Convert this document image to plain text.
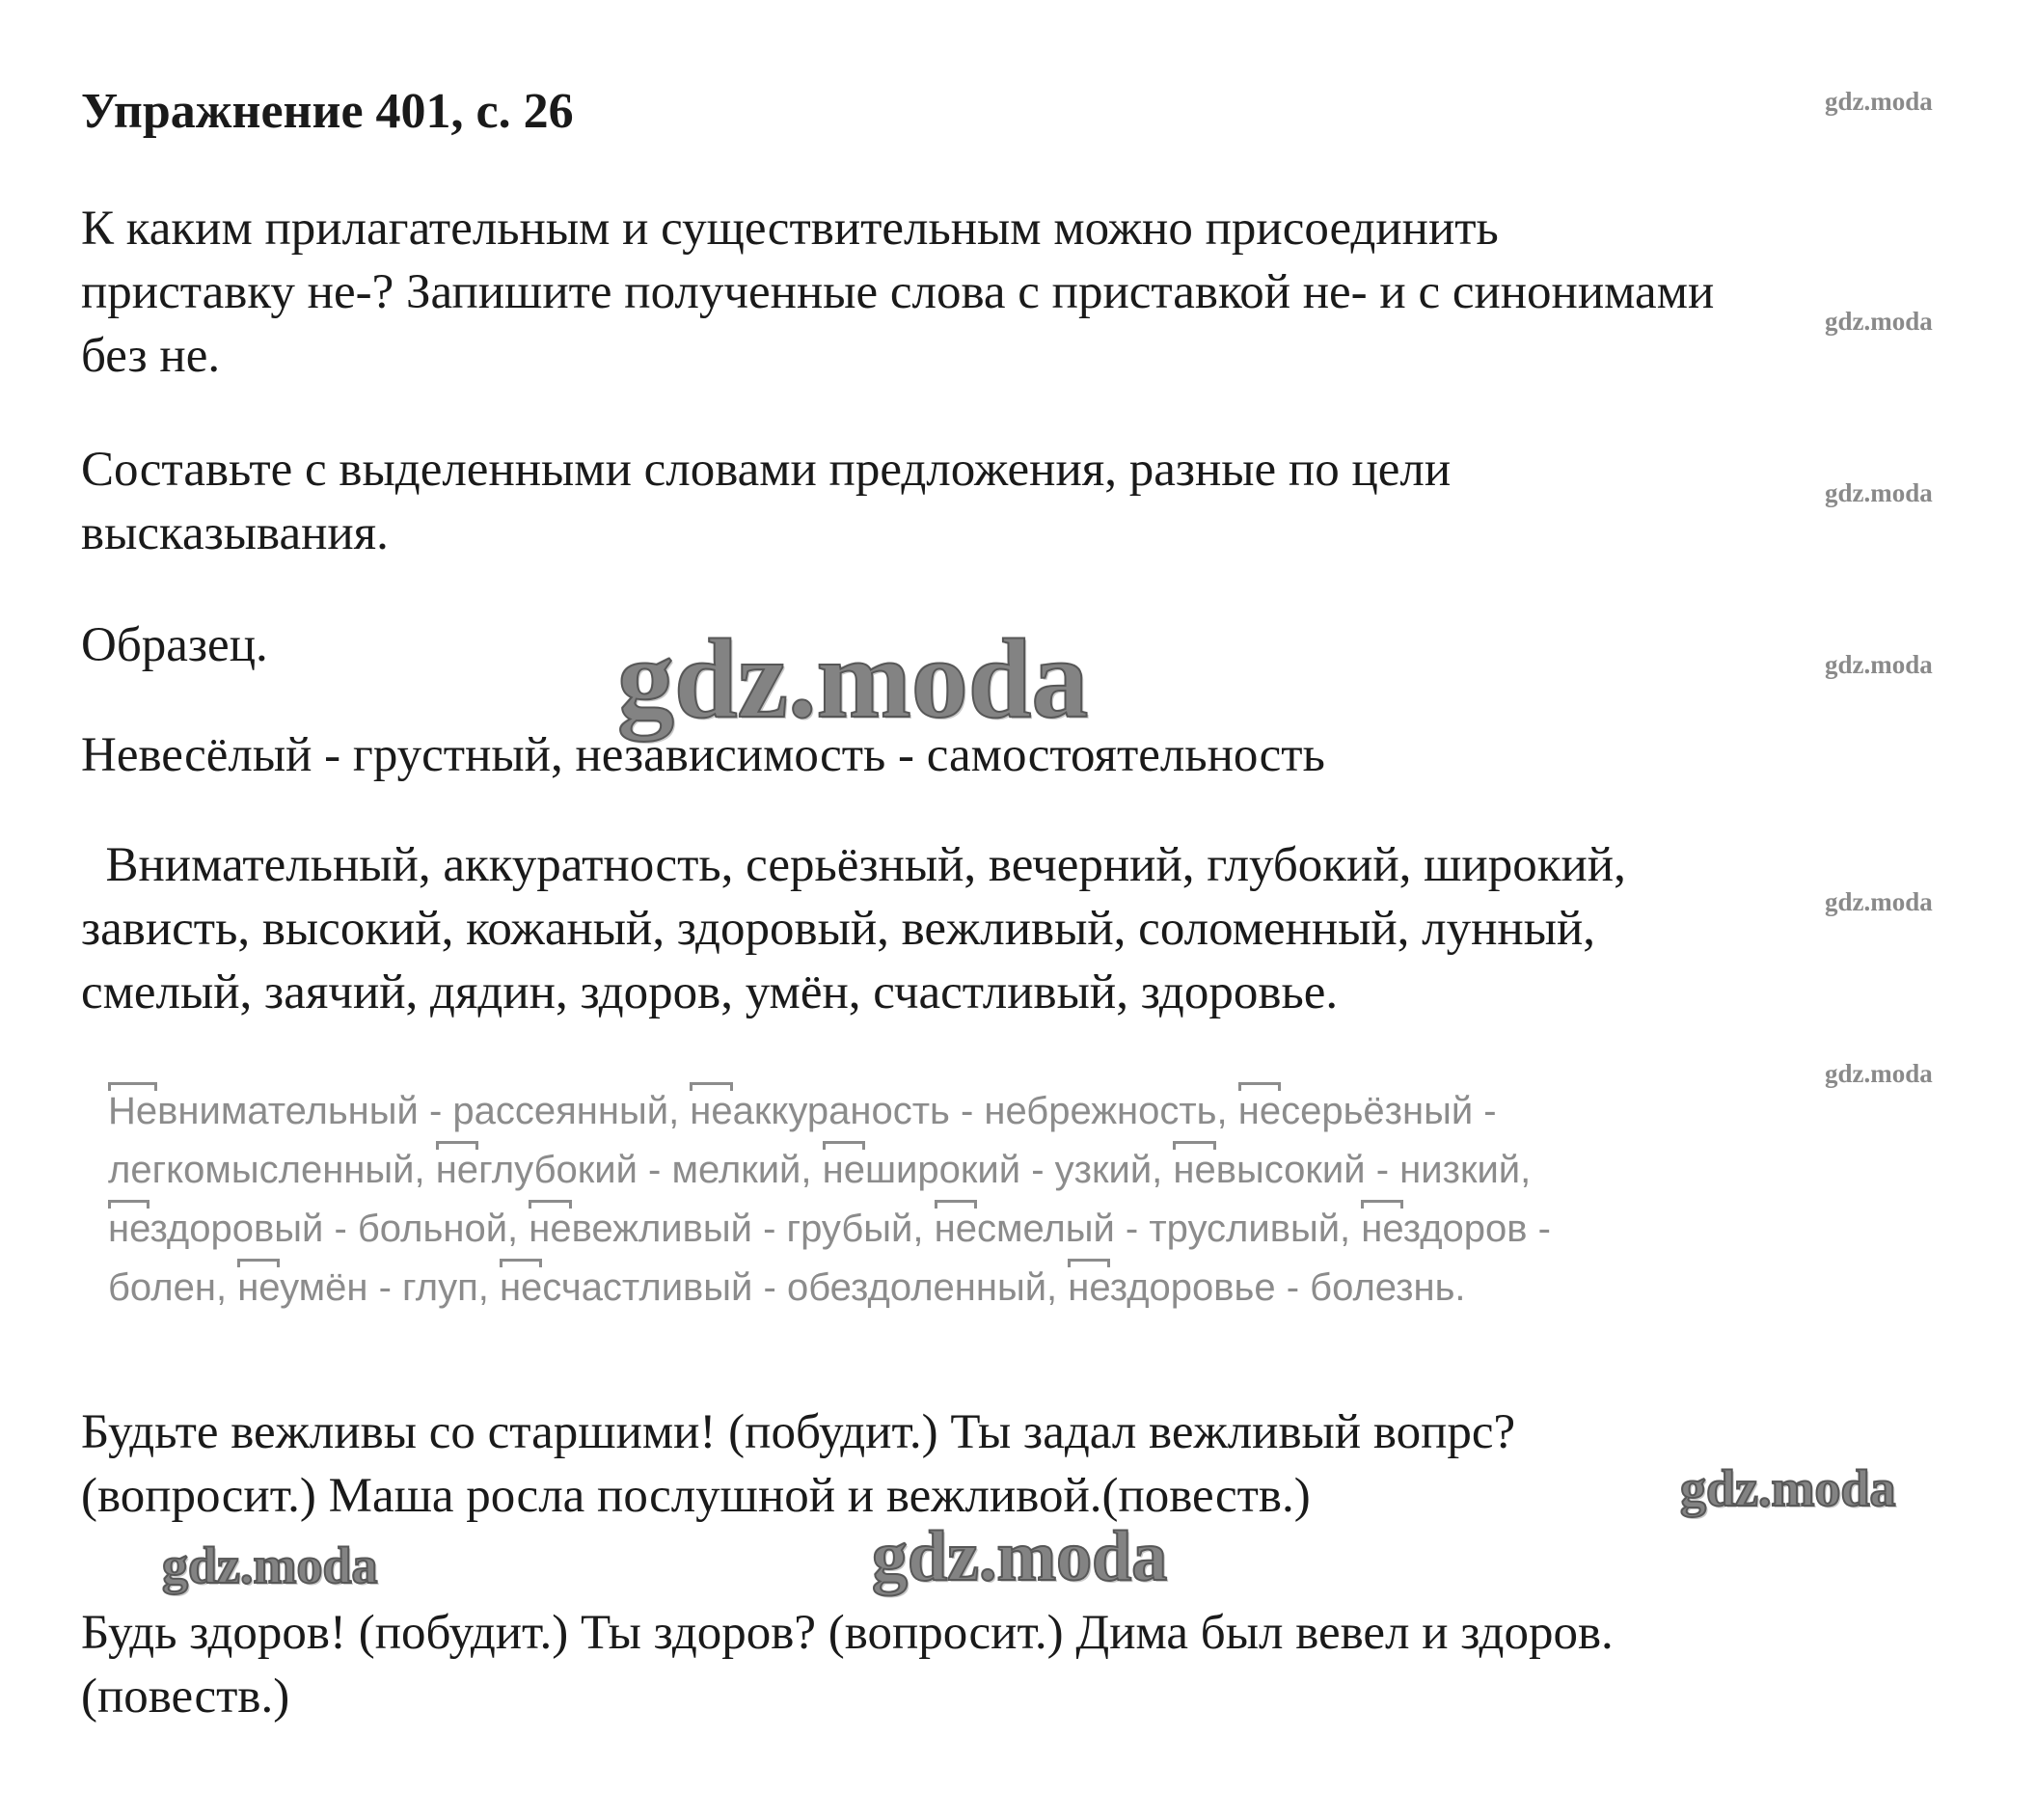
Упражнение 401, с. 26
К каким прилагательным и существительным можно присоединить
приставку не-? Запишите полученные слова с приставкой не- и с синонимами
без не.
Составьте с выделенными словами предложения, разные по цели
высказывания.
Образец.
Невесёлый - грустный, независимость - самостоятельность
Внимательный, аккуратность, серьёзный, вечерний, глубокий, широкий,
зависть, высокий, кожаный, здоровый, вежливый, соломенный, лунный,
смелый, заячий, дядин, здоров, умён, счастливый, здоровье.
Невнимательный - рассеянный, неаккураность - небрежность, несерьёзный -
легкомысленный, неглубокий - мелкий, неширокий - узкий, невысокий - низкий,
нездоровый - больной, невежливый - грубый, несмелый - трусливый, нездоров -
болен, неумён - глуп, несчастливый - обездоленный, нездоровье - болезнь.
Будьте вежливы со старшими! (побудит.) Ты задал вежливый вопрс?
(вопросит.) Маша росла послушной и вежливой.(повеств.)
Будь здоров! (побудит.) Ты здоров? (вопросит.) Дима был вевел и здоров.
(повеств.)
gdz.moda
gdz.moda
gdz.moda
gdz.moda
gdz.moda
gdz.moda
gdz.moda
gdz.moda
gdz.moda	gdz.moda
